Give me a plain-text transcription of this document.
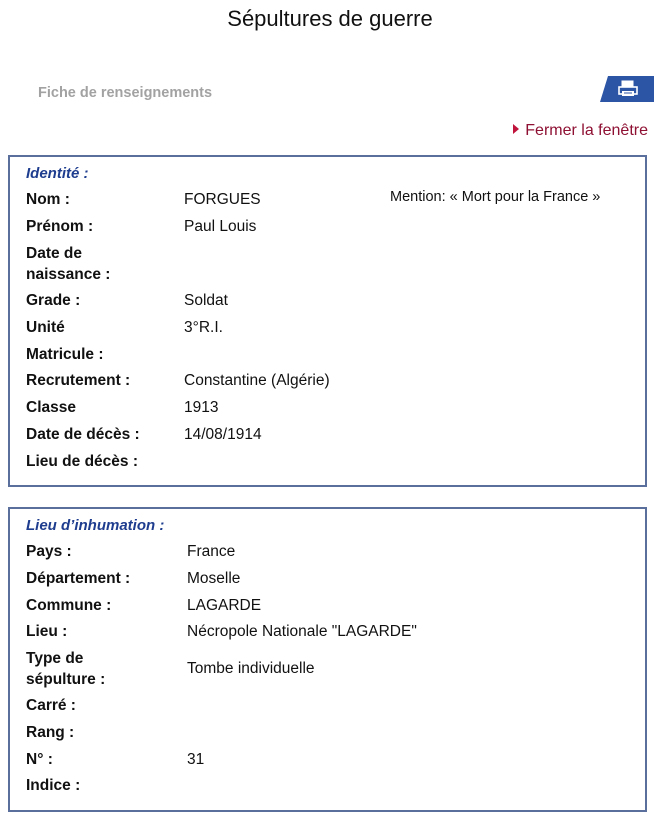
Sépultures de guerre
Fiche de renseignements
Fermer la fenêtre
Identité :
Mention: « Mort pour la France »
Nom :	FORGUES
Prénom :	Paul Louis
Date de
naissance :
Grade :	Soldat
Unité	3°R.I.
Matricule :
Recrutement :	Constantine (Algérie)
Classe	1913
Date de décès :	14/08/1914
Lieu de décès :
Lieu d’inhumation :
Pays :	France
Département :	Moselle
Commune :	LAGARDE
Lieu :	Nécropole Nationale "LAGARDE"
Type de
sépulture :
Tombe individuelle
Carré :
Rang :
N° :	31
Indice :
